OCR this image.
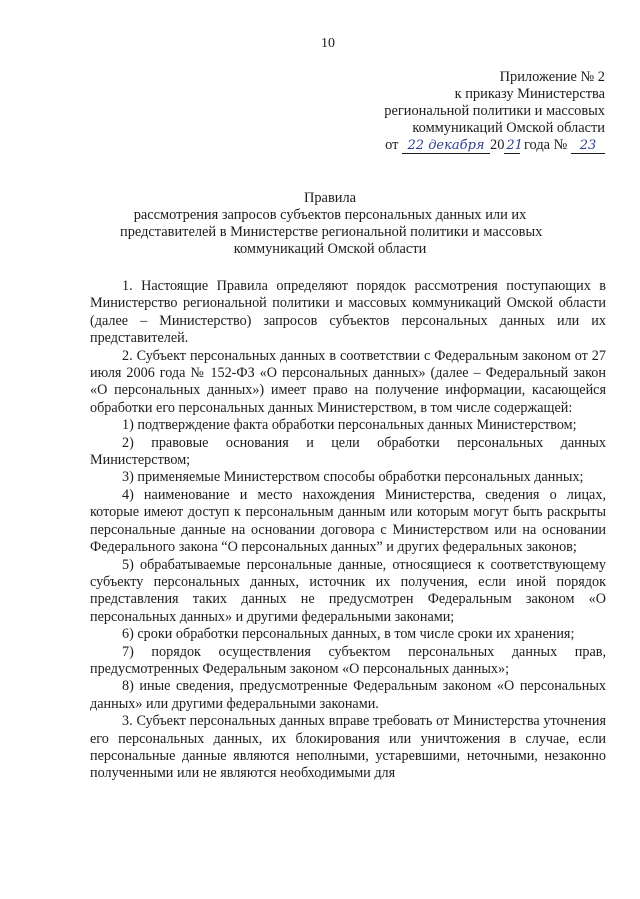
10
Приложение № 2
к приказу Министерства
региональной политики и массовых
коммуникаций Омской области
от 22 декабря 20 21 года № 23
Правила
рассмотрения запросов субъектов персональных данных или их
представителей в Министерстве региональной политики и массовых
коммуникаций Омской области

1. Настоящие Правила определяют порядок рассмотрения поступающих в Министерство региональной политики и массовых коммуникаций Омской области (далее – Министерство) запросов субъектов персональных данных или их представителей.

2. Субъект персональных данных в соответствии с Федеральным законом от 27 июля 2006 года № 152-ФЗ «О персональных данных» (далее – Федеральный закон «О персональных данных») имеет право на получение информации, касающейся обработки его персональных данных Министерством, в том числе содержащей:

1) подтверждение факта обработки персональных данных Министерством;

2) правовые основания и цели обработки персональных данных Министерством;

3) применяемые Министерством способы обработки персональных данных;

4) наименование и место нахождения Министерства, сведения о лицах, которые имеют доступ к персональным данным или которым могут быть раскрыты персональные данные на основании договора с Министерством или на основании Федерального закона “О персональных данных” и других федеральных законов;

5) обрабатываемые персональные данные, относящиеся к соответствующему субъекту персональных данных, источник их получения, если иной порядок представления таких данных не предусмотрен Федеральным законом «О персональных данных» и другими федеральными законами;

6) сроки обработки персональных данных, в том числе сроки их хранения;

7) порядок осуществления субъектом персональных данных прав, предусмотренных Федеральным законом «О персональных данных»;

8) иные сведения, предусмотренные Федеральным законом «О персональных данных» или другими федеральными законами.

3. Субъект персональных данных вправе требовать от Министерства уточнения его персональных данных, их блокирования или уничтожения в случае, если персональные данные являются неполными, устаревшими, неточными, незаконно полученными или не являются необходимыми для
